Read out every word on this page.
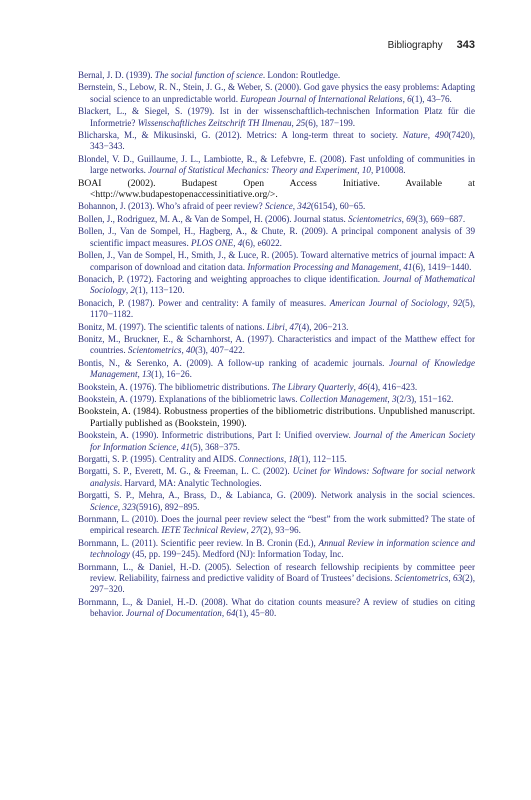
Bibliography 343
Bernal, J. D. (1939). The social function of science. London: Routledge.
Bernstein, S., Lebow, R. N., Stein, J. G., & Weber, S. (2000). God gave physics the easy problems: Adapting social science to an unpredictable world. European Journal of International Relations, 6(1), 43–76.
Blackert, L., & Siegel, S. (1979). Ist in der wissenschaftlich-technischen Information Platz für die Informetrie? Wissenschaftliches Zeitschrift TH Ilmenau, 25(6), 187−199.
Blicharska, M., & Mikusinski, G. (2012). Metrics: A long-term threat to society. Nature, 490(7420), 343−343.
Blondel, V. D., Guillaume, J. L., Lambiotte, R., & Lefebvre, E. (2008). Fast unfolding of communities in large networks. Journal of Statistical Mechanics: Theory and Experiment, 10, P10008.
BOAI (2002). Budapest Open Access Initiative. Available at <http://www.budapestopenaccessinitiative.org/>.
Bohannon, J. (2013). Who’s afraid of peer review? Science, 342(6154), 60−65.
Bollen, J., Rodriguez, M. A., & Van de Sompel, H. (2006). Journal status. Scientometrics, 69(3), 669−687.
Bollen, J., Van de Sompel, H., Hagberg, A., & Chute, R. (2009). A principal component analysis of 39 scientific impact measures. PLOS ONE, 4(6), e6022.
Bollen, J., Van de Sompel, H., Smith, J., & Luce, R. (2005). Toward alternative metrics of journal impact: A comparison of download and citation data. Information Processing and Management, 41(6), 1419−1440.
Bonacich, P. (1972). Factoring and weighting approaches to clique identification. Journal of Mathematical Sociology, 2(1), 113−120.
Bonacich, P. (1987). Power and centrality: A family of measures. American Journal of Sociology, 92(5), 1170−1182.
Bonitz, M. (1997). The scientific talents of nations. Libri, 47(4), 206−213.
Bonitz, M., Bruckner, E., & Scharnhorst, A. (1997). Characteristics and impact of the Matthew effect for countries. Scientometrics, 40(3), 407−422.
Bontis, N., & Serenko, A. (2009). A follow-up ranking of academic journals. Journal of Knowledge Management, 13(1), 16−26.
Bookstein, A. (1976). The bibliometric distributions. The Library Quarterly, 46(4), 416−423.
Bookstein, A. (1979). Explanations of the bibliometric laws. Collection Management, 3(2/3), 151−162.
Bookstein, A. (1984). Robustness properties of the bibliometric distributions. Unpublished manuscript. Partially published as (Bookstein, 1990).
Bookstein, A. (1990). Informetric distributions, Part I: Unified overview. Journal of the American Society for Information Science, 41(5), 368−375.
Borgatti, S. P. (1995). Centrality and AIDS. Connections, 18(1), 112−115.
Borgatti, S. P., Everett, M. G., & Freeman, L. C. (2002). Ucinet for Windows: Software for social network analysis. Harvard, MA: Analytic Technologies.
Borgatti, S. P., Mehra, A., Brass, D., & Labianca, G. (2009). Network analysis in the social sciences. Science, 323(5916), 892−895.
Bornmann, L. (2010). Does the journal peer review select the “best” from the work submitted? The state of empirical research. IETE Technical Review, 27(2), 93−96.
Bornmann, L. (2011). Scientific peer review. In B. Cronin (Ed.), Annual Review in information science and technology (45, pp. 199−245). Medford (NJ): Information Today, Inc.
Bornmann, L., & Daniel, H.-D. (2005). Selection of research fellowship recipients by committee peer review. Reliability, fairness and predictive validity of Board of Trustees’ decisions. Scientometrics, 63(2), 297−320.
Bornmann, L., & Daniel, H.-D. (2008). What do citation counts measure? A review of studies on citing behavior. Journal of Documentation, 64(1), 45−80.
